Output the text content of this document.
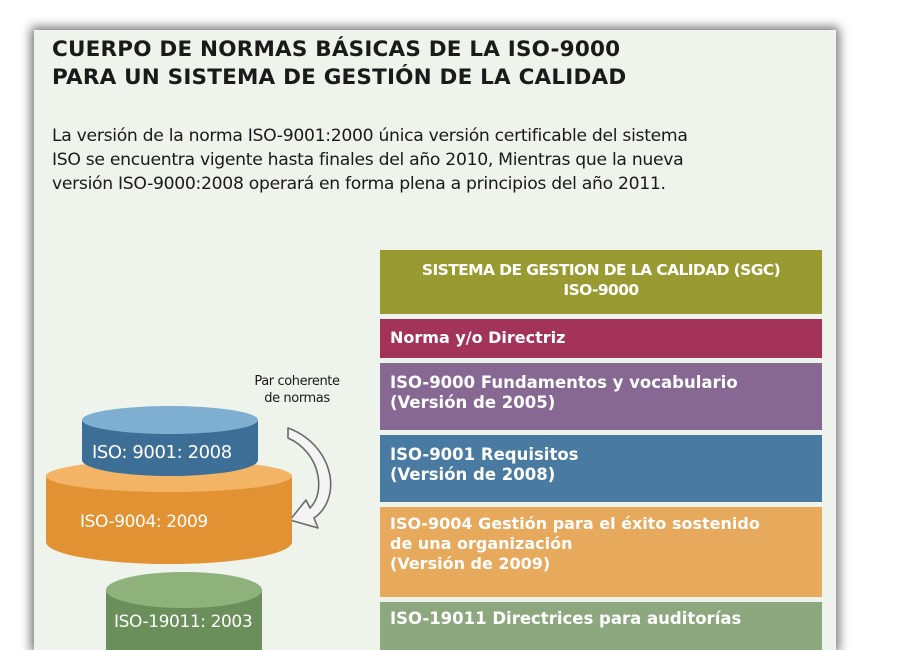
CUERPO DE NORMAS BÁSICAS DE LA ISO-9000
PARA UN SISTEMA DE GESTIÓN DE LA CALIDAD

La versión de la norma ISO-9001:2000 única versión certificable del sistema
ISO se encuentra vigente hasta finales del año 2010, Mientras que la nueva
versión ISO-9000:2008 operará en forma plena a principios del año 2011.

SISTEMA DE GESTION DE LA CALIDAD (SGC)
ISO-9000
Norma y/o Directriz
ISO-9000 Fundamentos y vocabulario
(Versión de 2005)
ISO-9001 Requisitos
(Versión de 2008)
ISO-9004 Gestión para el éxito sostenido
de una organización
(Versión de 2009)
ISO-19011 Directrices para auditorías
Par coherente
de normas
ISO-19011: 2003
ISO-9004: 2009
ISO: 9001: 2008
